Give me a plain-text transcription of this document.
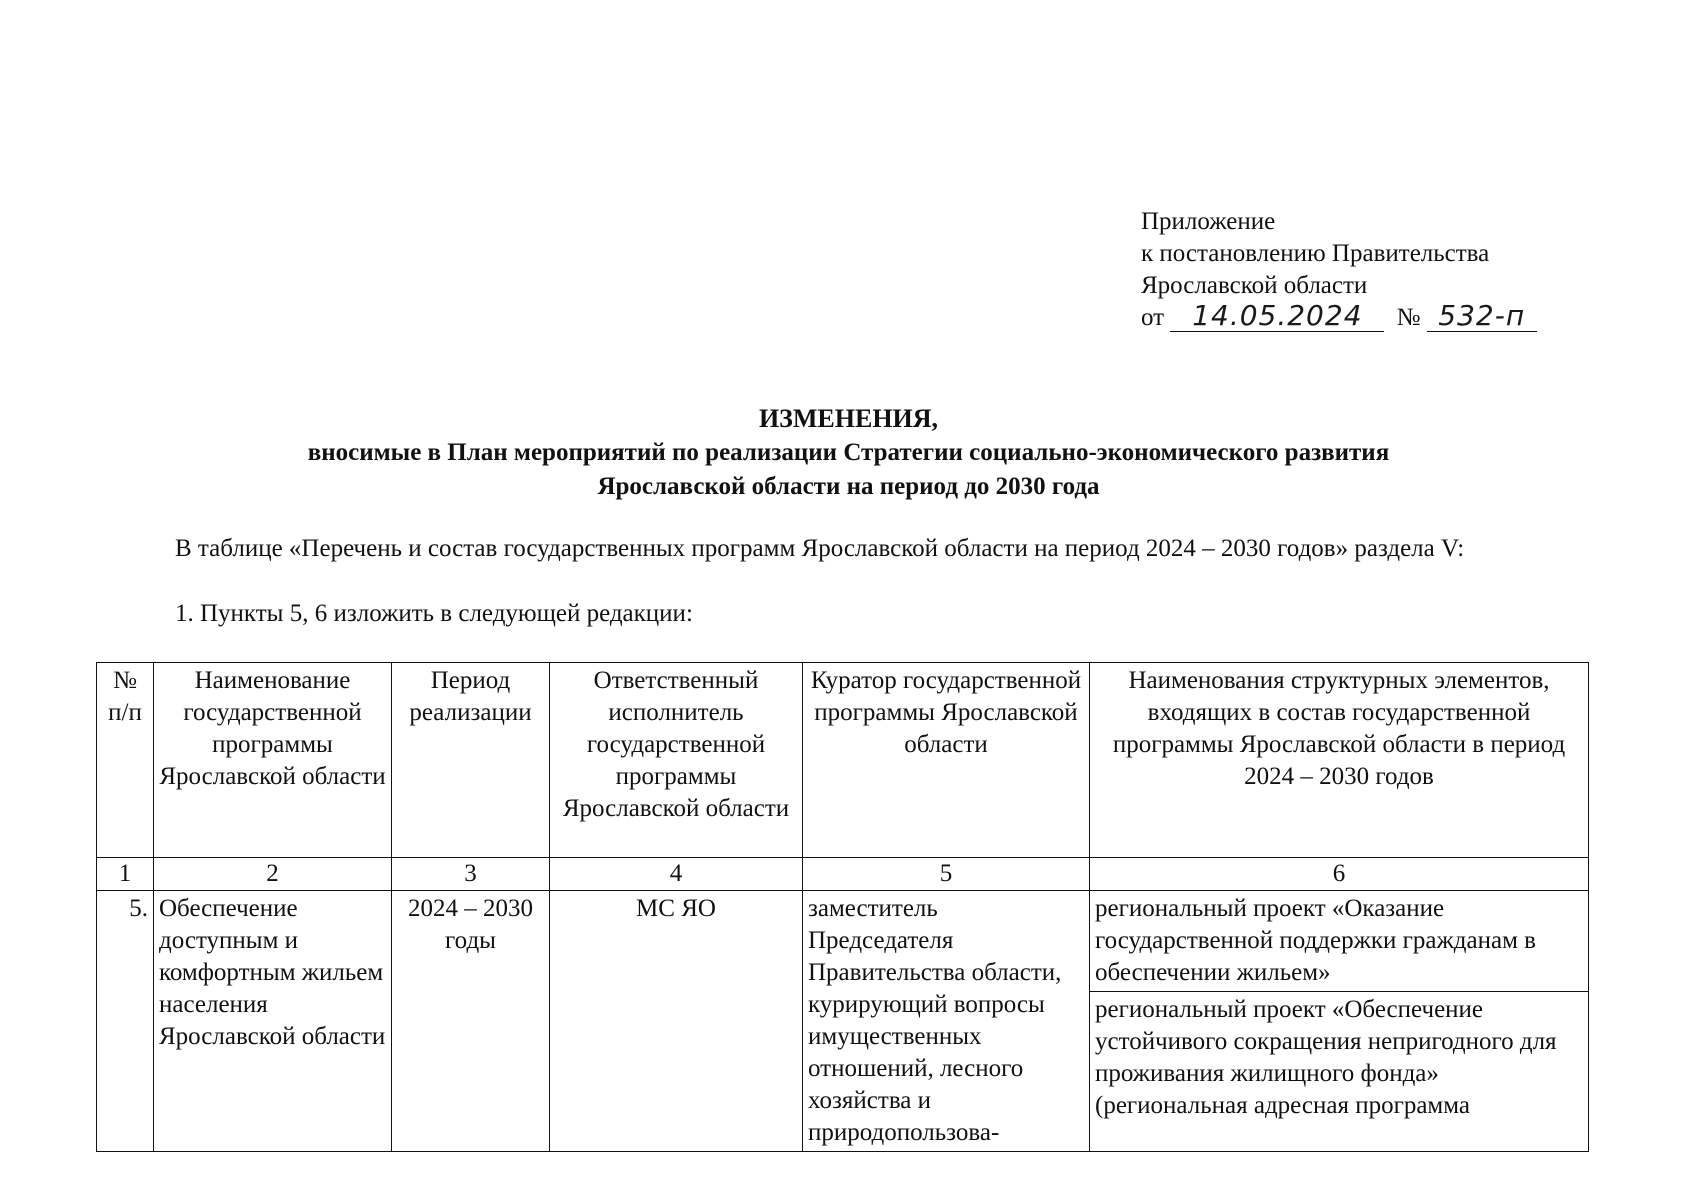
Приложение
к постановлению Правительства
Ярославской области
от 14.05.2024 № 532-п
ИЗМЕНЕНИЯ,
вносимые в План мероприятий по реализации Стратегии социально-экономического развития
Ярославской области на период до 2030 года
В таблице «Перечень и состав государственных программ Ярославской области на период 2024 – 2030 годов» раздела V:
1. Пункты 5, 6 изложить в следующей редакции:
№ п/п	Наименование государственной программы Ярославской области	Период реализации	Ответственный исполнитель государственной программы Ярославской области	Куратор государственной программы Ярославской области	Наименования структурных элементов, входящих в состав государственной программы Ярославской области в период 2024 – 2030 годов
1	2	3	4	5	6
5.	Обеспечение доступным и комфортным жильем населения Ярославской области	2024 – 2030 годы	МС ЯО	заместитель Председателя Правительства области, курирующий вопросы имущественных отношений, лесного хозяйства и природопользова-	региональный проект «Оказание государственной поддержки гражданам в обеспечении жильем»
региональный проект «Обеспечение устойчивого сокращения непригодного для проживания жилищного фонда» (региональная адресная программа
